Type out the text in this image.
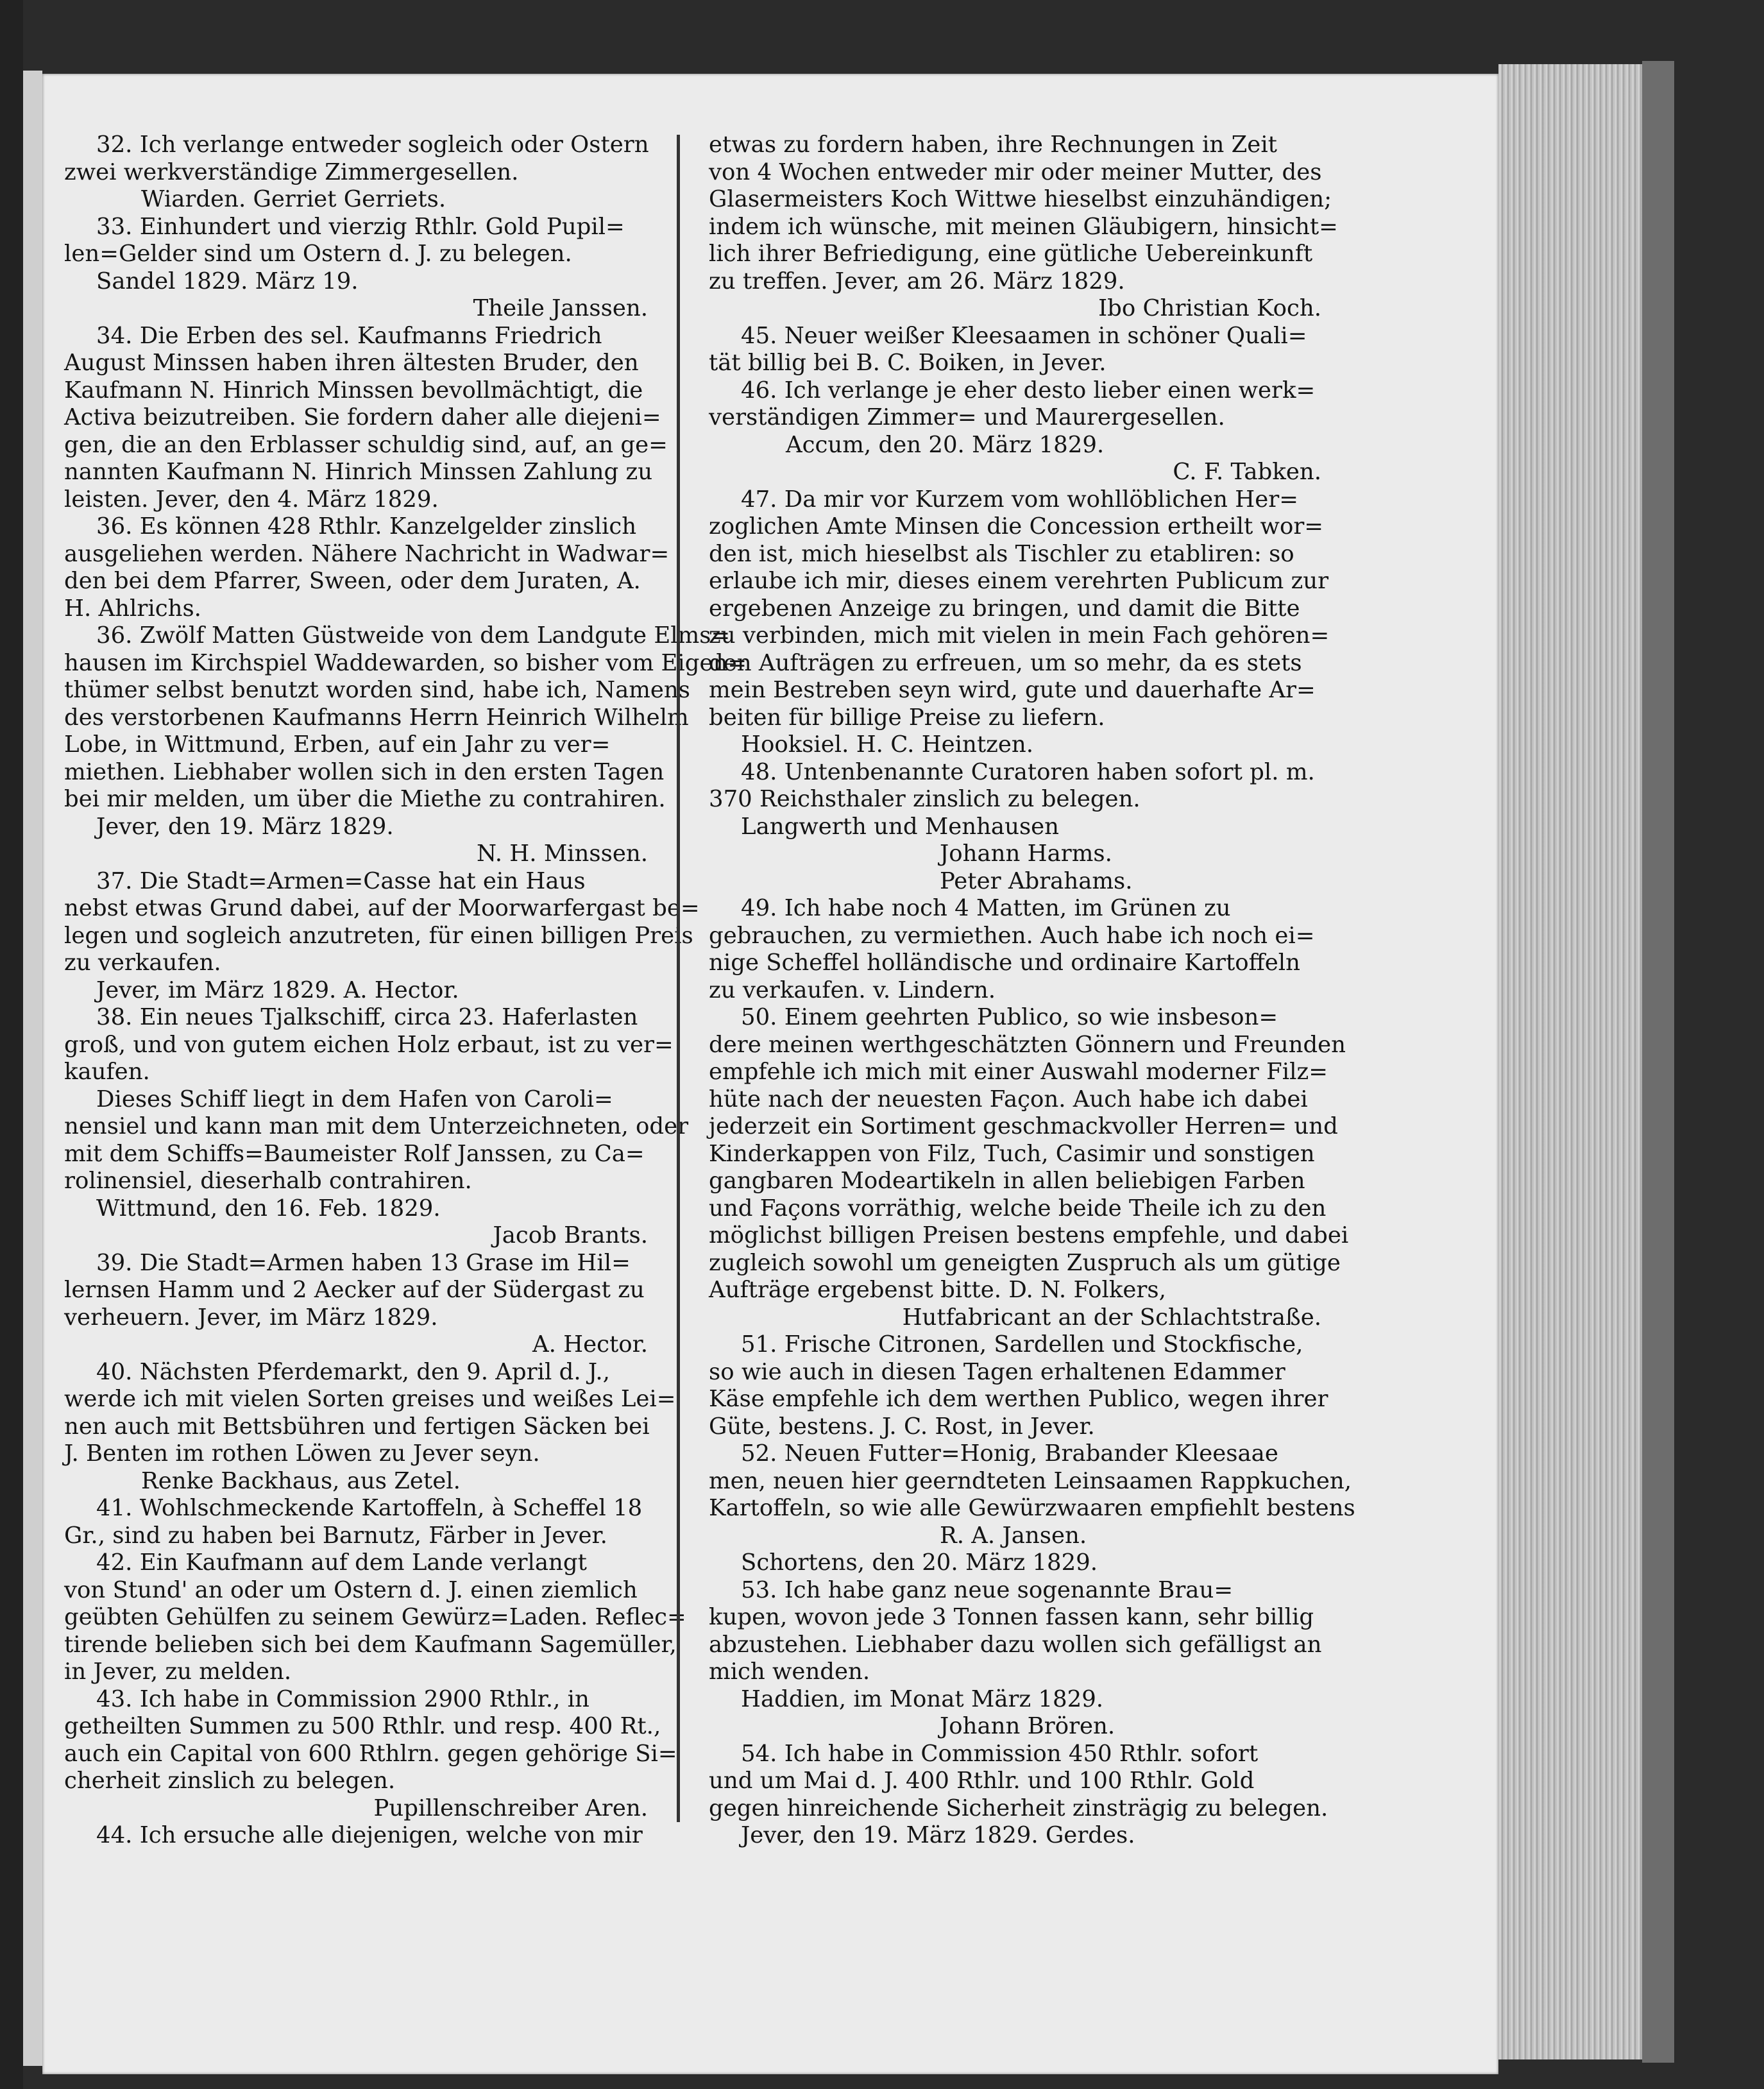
32. Ich verlange entweder sogleich oder Ostern
zwei werkverständige Zimmergesellen.
Wiarden. Gerriet Gerriets.
33. Einhundert und vierzig Rthlr. Gold Pupil=
len=Gelder sind um Ostern d. J. zu belegen.
Sandel 1829. März 19.
Theile Janssen.
34. Die Erben des sel. Kaufmanns Friedrich
August Minssen haben ihren ältesten Bruder, den
Kaufmann N. Hinrich Minssen bevollmächtigt, die
Activa beizutreiben. Sie fordern daher alle diejeni=
gen, die an den Erblasser schuldig sind, auf, an ge=
nannten Kaufmann N. Hinrich Minssen Zahlung zu
leisten. Jever, den 4. März 1829.
36. Es können 428 Rthlr. Kanzelgelder zinslich
ausgeliehen werden. Nähere Nachricht in Wadwar=
den bei dem Pfarrer, Sween, oder dem Juraten, A.
H. Ahlrichs.
36. Zwölf Matten Güstweide von dem Landgute Elms=
hausen im Kirchspiel Waddewarden, so bisher vom Eigen=
thümer selbst benutzt worden sind, habe ich, Namens
des verstorbenen Kaufmanns Herrn Heinrich Wilhelm
Lobe, in Wittmund, Erben, auf ein Jahr zu ver=
miethen. Liebhaber wollen sich in den ersten Tagen
bei mir melden, um über die Miethe zu contrahiren.
Jever, den 19. März 1829.
N. H. Minssen.
37. Die Stadt=Armen=Casse hat ein Haus
nebst etwas Grund dabei, auf der Moorwarfergast be=
legen und sogleich anzutreten, für einen billigen Preis
zu verkaufen.
Jever, im März 1829. A. Hector.
38. Ein neues Tjalkschiff, circa 23. Haferlasten
groß, und von gutem eichen Holz erbaut, ist zu ver=
kaufen.
Dieses Schiff liegt in dem Hafen von Caroli=
nensiel und kann man mit dem Unterzeichneten, oder
mit dem Schiffs=Baumeister Rolf Janssen, zu Ca=
rolinensiel, dieserhalb contrahiren.
Wittmund, den 16. Feb. 1829.
Jacob Brants.
39. Die Stadt=Armen haben 13 Grase im Hil=
lernsen Hamm und 2 Aecker auf der Südergast zu
verheuern. Jever, im März 1829.
A. Hector.
40. Nächsten Pferdemarkt, den 9. April d. J.,
werde ich mit vielen Sorten greises und weißes Lei=
nen auch mit Bettsbühren und fertigen Säcken bei
J. Benten im rothen Löwen zu Jever seyn.
Renke Backhaus, aus Zetel.
41. Wohlschmeckende Kartoffeln, à Scheffel 18
Gr., sind zu haben bei Barnutz, Färber in Jever.
42. Ein Kaufmann auf dem Lande verlangt
von Stund' an oder um Ostern d. J. einen ziemlich
geübten Gehülfen zu seinem Gewürz=Laden. Reflec=
tirende belieben sich bei dem Kaufmann Sagemüller,
in Jever, zu melden.
43. Ich habe in Commission 2900 Rthlr., in
getheilten Summen zu 500 Rthlr. und resp. 400 Rt.,
auch ein Capital von 600 Rthlrn. gegen gehörige Si=
cherheit zinslich zu belegen.
Pupillenschreiber Aren.
44. Ich ersuche alle diejenigen, welche von mir
etwas zu fordern haben, ihre Rechnungen in Zeit
von 4 Wochen entweder mir oder meiner Mutter, des
Glasermeisters Koch Wittwe hieselbst einzuhändigen;
indem ich wünsche, mit meinen Gläubigern, hinsicht=
lich ihrer Befriedigung, eine gütliche Uebereinkunft
zu treffen. Jever, am 26. März 1829.
Ibo Christian Koch.
45. Neuer weißer Kleesaamen in schöner Quali=
tät billig bei B. C. Boiken, in Jever.
46. Ich verlange je eher desto lieber einen werk=
verständigen Zimmer= und Maurergesellen.
Accum, den 20. März 1829.
C. F. Tabken.
47. Da mir vor Kurzem vom wohllöblichen Her=
zoglichen Amte Minsen die Concession ertheilt wor=
den ist, mich hieselbst als Tischler zu etabliren: so
erlaube ich mir, dieses einem verehrten Publicum zur
ergebenen Anzeige zu bringen, und damit die Bitte
zu verbinden, mich mit vielen in mein Fach gehören=
den Aufträgen zu erfreuen, um so mehr, da es stets
mein Bestreben seyn wird, gute und dauerhafte Ar=
beiten für billige Preise zu liefern.
Hooksiel. H. C. Heintzen.
48. Untenbenannte Curatoren haben sofort pl. m.
370 Reichsthaler zinslich zu belegen.
Langwerth und Menhausen
Johann Harms.
Peter Abrahams.
49. Ich habe noch 4 Matten, im Grünen zu
gebrauchen, zu vermiethen. Auch habe ich noch ei=
nige Scheffel holländische und ordinaire Kartoffeln
zu verkaufen. v. Lindern.
50. Einem geehrten Publico, so wie insbeson=
dere meinen werthgeschätzten Gönnern und Freunden
empfehle ich mich mit einer Auswahl moderner Filz=
hüte nach der neuesten Façon. Auch habe ich dabei
jederzeit ein Sortiment geschmackvoller Herren= und
Kinderkappen von Filz, Tuch, Casimir und sonstigen
gangbaren Modeartikeln in allen beliebigen Farben
und Façons vorräthig, welche beide Theile ich zu den
möglichst billigen Preisen bestens empfehle, und dabei
zugleich sowohl um geneigten Zuspruch als um gütige
Aufträge ergebenst bitte. D. N. Folkers,
Hutfabricant an der Schlachtstraße.
51. Frische Citronen, Sardellen und Stockfische,
so wie auch in diesen Tagen erhaltenen Edammer
Käse empfehle ich dem werthen Publico, wegen ihrer
Güte, bestens. J. C. Rost, in Jever.
52. Neuen Futter=Honig, Brabander Kleesaae
men, neuen hier geerndteten Leinsaamen Rappkuchen,
Kartoffeln, so wie alle Gewürzwaaren empfiehlt bestens
R. A. Jansen.
Schortens, den 20. März 1829.
53. Ich habe ganz neue sogenannte Brau=
kupen, wovon jede 3 Tonnen fassen kann, sehr billig
abzustehen. Liebhaber dazu wollen sich gefälligst an
mich wenden.
Haddien, im Monat März 1829.
Johann Brören.
54. Ich habe in Commission 450 Rthlr. sofort
und um Mai d. J. 400 Rthlr. und 100 Rthlr. Gold
gegen hinreichende Sicherheit zinsträgig zu belegen.
Jever, den 19. März 1829. Gerdes.
